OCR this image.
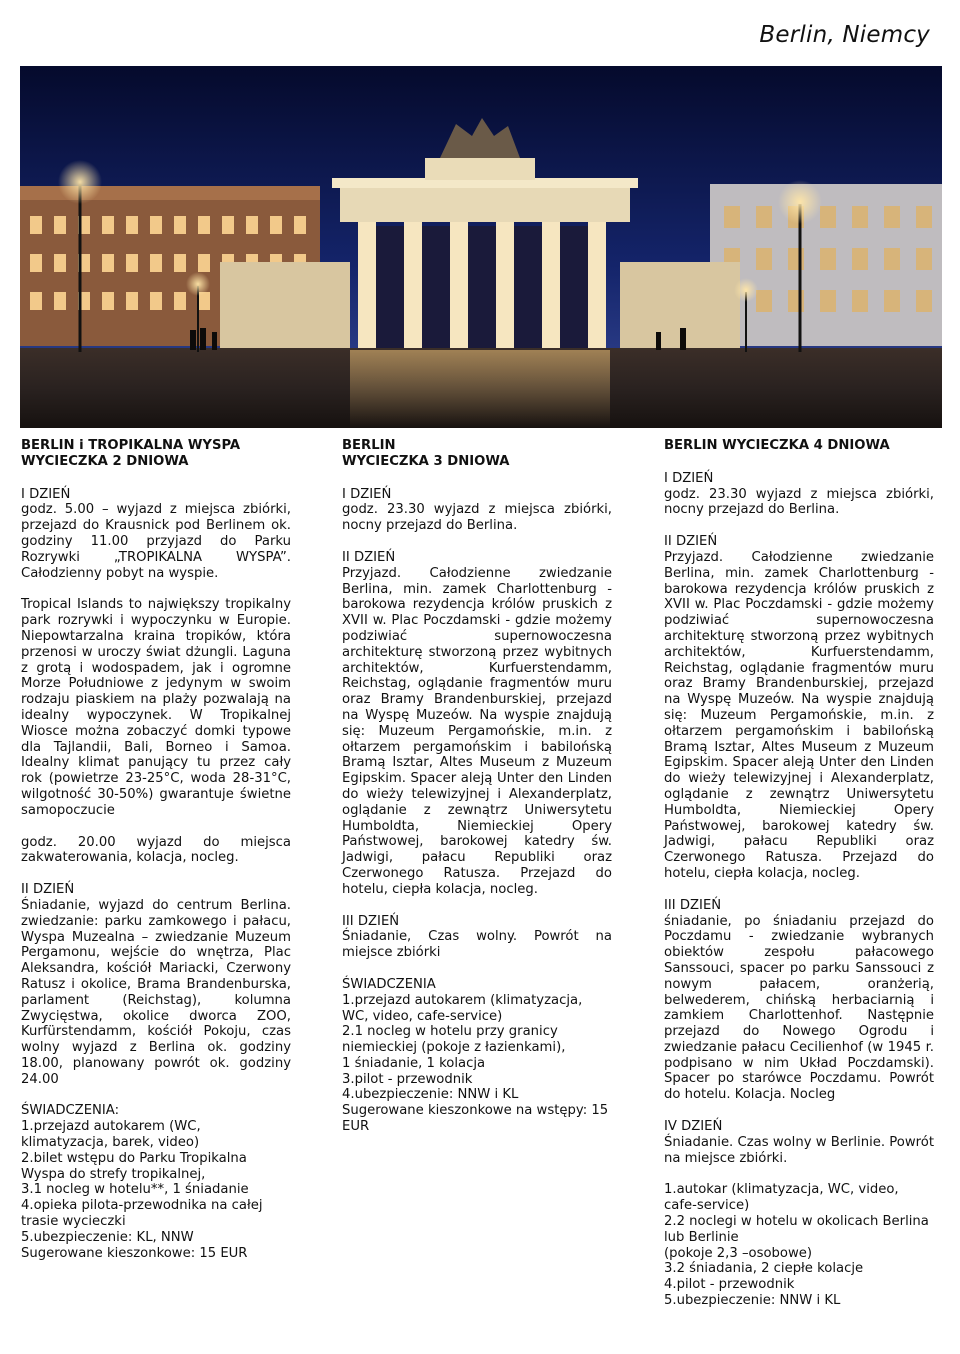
Berlin, Niemcy
BERLIN i TROPIKALNA WYSPA
WYCIECZKA 2 DNIOWA
I DZIEŃ

godz. 5.00 – wyjazd z miejsca zbiórki, przejazd do Krausnick pod Berlinem ok. godziny 11.00 przyjazd do Parku Rozrywki „TROPIKALNA WYSPA”. Całodzienny pobyt na wyspie.

Tropical Islands to największy tropikalny park rozrywki i wypoczynku w Europie. Niepowtarzalna kraina tropików, która przenosi w uroczy świat dżungli. Laguna z grotą i wodospadem, jak i ogromne Morze Południowe z jedynym w swoim rodzaju piaskiem na plaży pozwalają na idealny wypoczynek. W Tropikalnej Wiosce można zobaczyć domki typowe dla Tajlandii, Bali, Borneo i Samoa. Idealny klimat panujący tu przez cały rok (powietrze 23-25°C, woda 28-31°C, wilgotność 30-50%) gwarantuje świetne samopoczucie

godz. 20.00 wyjazd do miejsca zakwaterowania, kolacja, nocleg.

II DZIEŃ

Śniadanie, wyjazd do centrum Berlina. zwiedzanie: parku zamkowego i pałacu, Wyspa Muzealna – zwiedzanie Muzeum Pergamonu, wejście do wnętrza, Plac Aleksandra, kościół Mariacki, Czerwony Ratusz i okolice, Brama Brandenburska, parlament (Reichstag), kolumna Zwycięstwa, okolice dworca ZOO, Kurfürstendamm, kościół Pokoju, czas wolny wyjazd z Berlina ok. godziny 18.00, planowany powrót ok. godziny 24.00

ŚWIADCZENIA:
1.przejazd autokarem (WC, klimatyzacja, barek, video)
2.bilet wstępu do Parku Tropikalna Wyspa do strefy tropikalnej,
3.1 nocleg w hotelu**, 1 śniadanie
4.opieka pilota-przewodnika na całej trasie wycieczki
5.ubezpieczenie: KL, NNW
Sugerowane kieszonkowe: 15 EUR
BERLIN
WYCIECZKA 3 DNIOWA
I DZIEŃ

godz. 23.30 wyjazd z miejsca zbiórki, nocny przejazd do Berlina.

II DZIEŃ

Przyjazd. Całodzienne zwiedzanie Berlina, min. zamek Charlottenburg - barokowa rezydencja królów pruskich z XVII w. Plac Poczdamski - gdzie możemy podziwiać supernowoczesna architekturę stworzoną przez wybitnych architektów, Kurfuerstendamm, Reichstag, oglądanie fragmentów muru oraz Bramy Brandenburskiej, przejazd na Wyspę Muzeów. Na wyspie znajdują się: Muzeum Pergamońskie, m.in. z ołtarzem pergamońskim i babilońską Bramą Isztar, Altes Museum z Muzeum Egipskim. Spacer aleją Unter den Linden do wieży telewizyjnej i Alexanderplatz, oglądanie z zewnątrz Uniwersytetu Humboldta, Niemieckiej Opery Państwowej, barokowej katedry św. Jadwigi, pałacu Republiki oraz Czerwonego Ratusza. Przejazd do hotelu, ciepła kolacja, nocleg.

III DZIEŃ

Śniadanie, Czas wolny. Powrót na miejsce zbiórki

ŚWIADCZENIA
1.przejazd autokarem (klimatyzacja, WC, video, cafe-service)
2.1 nocleg w hotelu przy granicy niemieckiej (pokoje z łazienkami),
1 śniadanie, 1 kolacja
3.pilot - przewodnik
4.ubezpieczenie: NNW i KL
Sugerowane kieszonkowe na wstępy: 15 EUR
BERLIN WYCIECZKA 4 DNIOWA
I DZIEŃ

godz. 23.30 wyjazd z miejsca zbiórki, nocny przejazd do Berlina.

II DZIEŃ

Przyjazd. Całodzienne zwiedzanie Berlina, min. zamek Charlottenburg - barokowa rezydencja królów pruskich z XVII w. Plac Poczdamski - gdzie możemy podziwiać supernowoczesna architekturę stworzoną przez wybitnych architektów, Kurfuerstendamm, Reichstag, oglądanie fragmentów muru oraz Bramy Brandenburskiej, przejazd na Wyspę Muzeów. Na wyspie znajdują się: Muzeum Pergamońskie, m.in. z ołtarzem pergamońskim i babilońską Bramą Isztar, Altes Museum z Muzeum Egipskim. Spacer aleją Unter den Linden do wieży telewizyjnej i Alexanderplatz, oglądanie z zewnątrz Uniwersytetu Humboldta, Niemieckiej Opery Państwowej, barokowej katedry św. Jadwigi, pałacu Republiki oraz Czerwonego Ratusza. Przejazd do hotelu, ciepła kolacja, nocleg.

III DZIEŃ

śniadanie, po śniadaniu przejazd do Poczdamu - zwiedzanie wybranych obiektów zespołu pałacowego Sanssouci, spacer po parku Sanssouci z nowym pałacem, oranżerią, belwederem, chińską herbaciarnią i zamkiem Charlottenhof. Następnie przejazd do Nowego Ogrodu i zwiedzanie pałacu Cecilienhof (w 1945 r. podpisano w nim Układ Poczdamski). Spacer po starówce Poczdamu. Powrót do hotelu. Kolacja. Nocleg

IV DZIEŃ

Śniadanie. Czas wolny w Berlinie. Powrót na miejsce zbiórki.

1.autokar (klimatyzacja, WC, video, cafe-service)
2.2 noclegi w hotelu w okolicach Berlina lub Berlinie
(pokoje 2,3 –osobowe)
3.2 śniadania, 2 ciepłe kolacje
4.pilot - przewodnik
5.ubezpieczenie: NNW i KL
